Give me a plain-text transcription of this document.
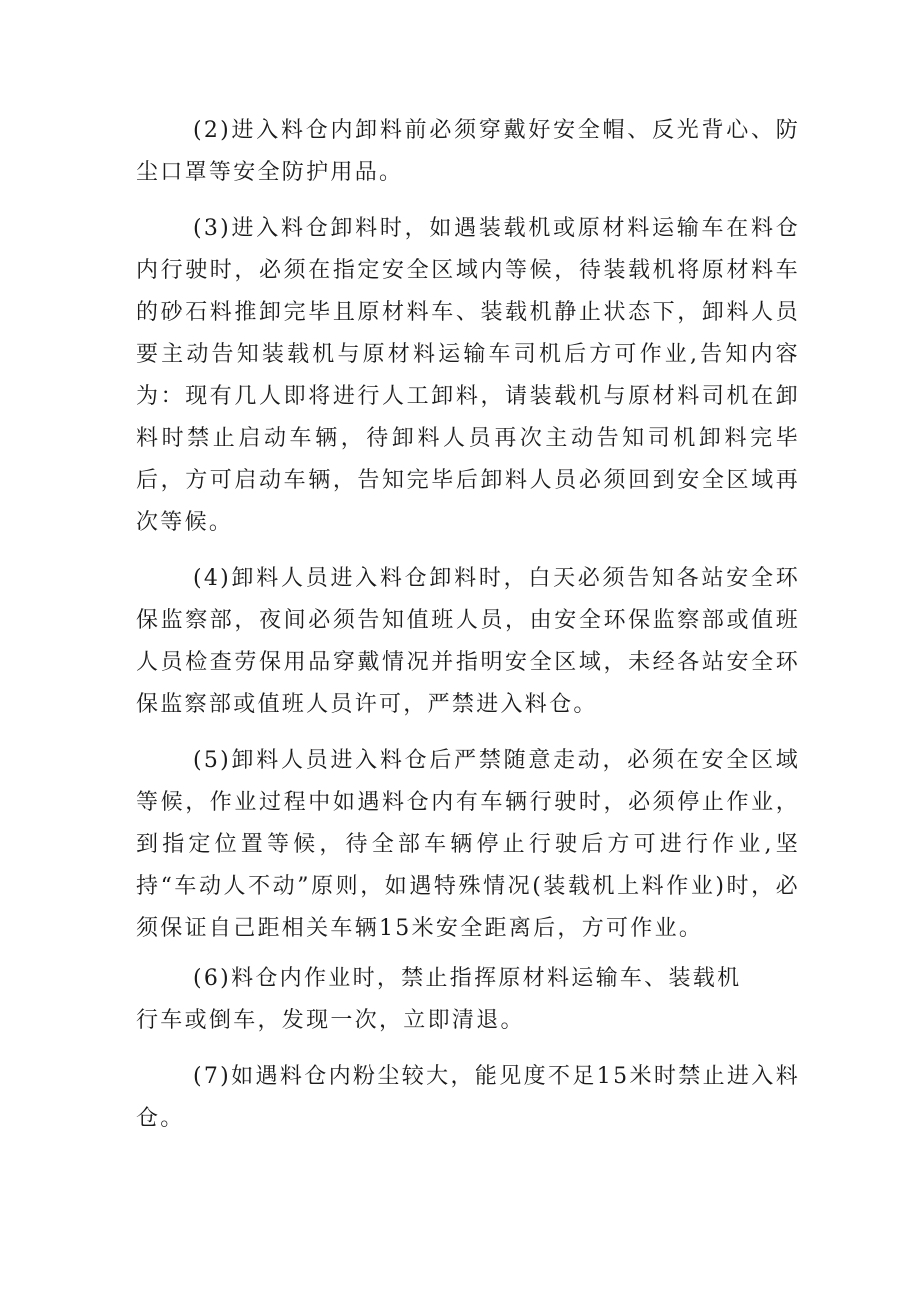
(2)进入料仓内卸料前必须穿戴好安全帽、反光背心、防尘口罩等安全防护用品。

(3)进入料仓卸料时，如遇装载机或原材料运输车在料仓内行驶时，必须在指定安全区域内等候，待装载机将原材料车的砂石料推卸完毕且原材料车、装载机静止状态下，卸料人员要主动告知装载机与原材料运输车司机后方可作业,告知内容为：现有几人即将进行人工卸料，请装载机与原材料司机在卸料时禁止启动车辆，待卸料人员再次主动告知司机卸料完毕后，方可启动车辆，告知完毕后卸料人员必须回到安全区域再次等候。

(4)卸料人员进入料仓卸料时，白天必须告知各站安全环保监察部，夜间必须告知值班人员，由安全环保监察部或值班人员检查劳保用品穿戴情况并指明安全区域，未经各站安全环保监察部或值班人员许可，严禁进入料仓。

(5)卸料人员进入料仓后严禁随意走动，必须在安全区域等候，作业过程中如遇料仓内有车辆行驶时，必须停止作业，到指定位置等候，待全部车辆停止行驶后方可进行作业,坚持“车动人不动”原则，如遇特殊情况(装载机上料作业)时，必须保证自己距相关车辆15米安全距离后，方可作业。

(6)料仓内作业时，禁止指挥原材料运输车、装载机行车或倒车，发现一次，立即清退。

(7)如遇料仓内粉尘较大，能见度不足15米时禁止进入料仓。
